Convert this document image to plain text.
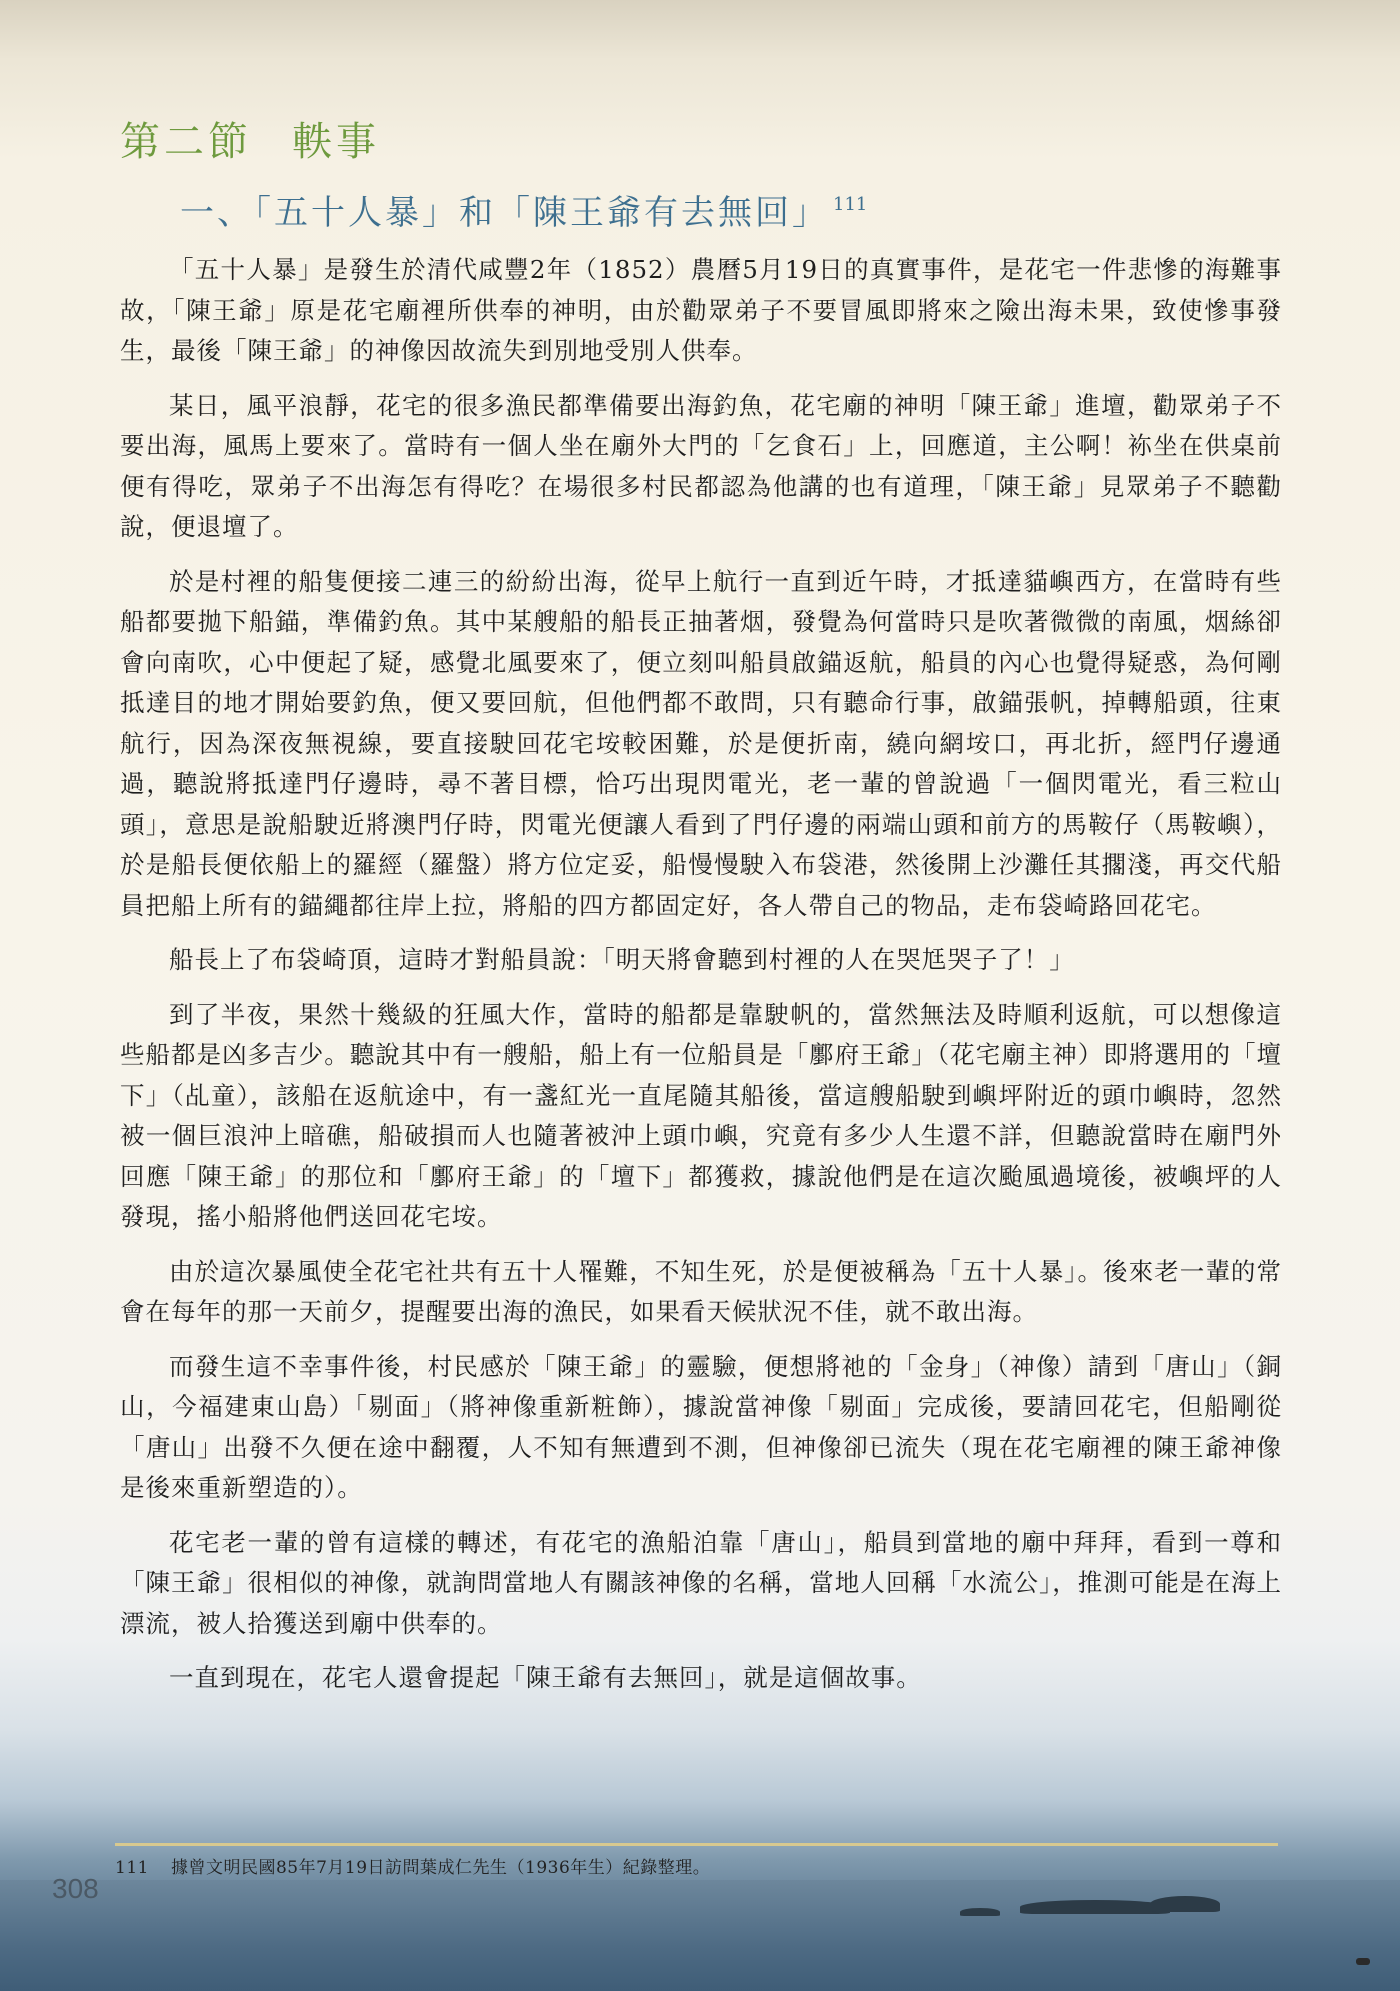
第二節 軼事
一、「五十人暴」和「陳王爺有去無回」 $^{111}$

「五十人暴」是發生於清代咸豐2年（1852）農曆5月19日的真實事件，是花宅一件悲慘的海難事故，「陳王爺」原是花宅廟裡所供奉的神明，由於勸眾弟子不要冒風即將來之險出海未果，致使慘事發生，最後「陳王爺」的神像因故流失到別地受別人供奉。

某日，風平浪靜，花宅的很多漁民都準備要出海釣魚，花宅廟的神明「陳王爺」進壇，勸眾弟子不要出海，風馬上要來了。當時有一個人坐在廟外大門的「乞食石」上，回應道，主公啊！袮坐在供桌前便有得吃，眾弟子不出海怎有得吃？在場很多村民都認為他講的也有道理，「陳王爺」見眾弟子不聽勸說，便退壇了。

於是村裡的船隻便接二連三的紛紛出海，從早上航行一直到近午時，才抵達貓嶼西方，在當時有些船都要拋下船錨，準備釣魚。其中某艘船的船長正抽著烟，發覺為何當時只是吹著微微的南風，烟絲卻會向南吹，心中便起了疑，感覺北風要來了，便立刻叫船員啟錨返航，船員的內心也覺得疑惑，為何剛抵達目的地才開始要釣魚，便又要回航，但他們都不敢問，只有聽命行事，啟錨張帆，掉轉船頭，往東航行，因為深夜無視線，要直接駛回花宅垵較困難，於是便折南，繞向網垵口，再北折，經門仔邊通過，聽說將抵達門仔邊時，尋不著目標，恰巧出現閃電光，老一輩的曾說過「一個閃電光，看三粒山頭」，意思是說船駛近將澳門仔時，閃電光便讓人看到了門仔邊的兩端山頭和前方的馬鞍仔（馬鞍嶼），於是船長便依船上的羅經（羅盤）將方位定妥，船慢慢駛入布袋港，然後開上沙灘任其擱淺，再交代船員把船上所有的錨繩都往岸上拉，將船的四方都固定好，各人帶自己的物品，走布袋崎路回花宅。

船長上了布袋崎頂，這時才對船員說：「明天將會聽到村裡的人在哭尪哭子了！」

到了半夜，果然十幾級的狂風大作，當時的船都是靠駛帆的，當然無法及時順利返航，可以想像這些船都是凶多吉少。聽說其中有一艘船，船上有一位船員是「鄽府王爺」（花宅廟主神）即將選用的「壇下」（乩童），該船在返航途中，有一盞紅光一直尾隨其船後，當這艘船駛到嶼坪附近的頭巾嶼時，忽然被一個巨浪沖上暗礁，船破損而人也隨著被沖上頭巾嶼，究竟有多少人生還不詳，但聽說當時在廟門外回應「陳王爺」的那位和「鄽府王爺」的「壇下」都獲救，據說他們是在這次颱風過境後，被嶼坪的人發現，搖小船將他們送回花宅垵。

由於這次暴風使全花宅社共有五十人罹難，不知生死，於是便被稱為「五十人暴」。後來老一輩的常會在每年的那一天前夕，提醒要出海的漁民，如果看天候狀況不佳，就不敢出海。

而發生這不幸事件後，村民感於「陳王爺」的靈驗，便想將祂的「金身」（神像）請到「唐山」（銅山，今福建東山島）「剔面」（將神像重新粧飾），據說當神像「剔面」完成後，要請回花宅，但船剛從「唐山」出發不久便在途中翻覆，人不知有無遭到不測，但神像卻已流失（現在花宅廟裡的陳王爺神像是後來重新塑造的）。

花宅老一輩的曾有這樣的轉述，有花宅的漁船泊靠「唐山」，船員到當地的廟中拜拜，看到一尊和「陳王爺」很相似的神像，就詢問當地人有關該神像的名稱，當地人回稱「水流公」，推測可能是在海上漂流，被人拾獲送到廟中供奉的。

一直到現在，花宅人還會提起「陳王爺有去無回」，就是這個故事。

111 據曾文明民國85年7月19日訪問葉成仁先生（1936年生）紀錄整理。
308
